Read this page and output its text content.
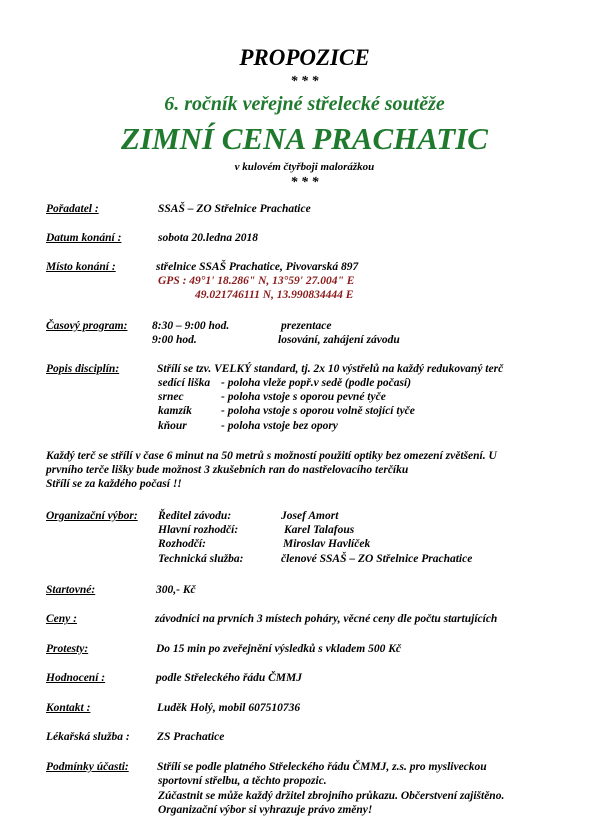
PROPOZICE
* * *
6. ročník veřejné střelecké soutěže
ZIMNÍ CENA PRACHATIC
v kulovém čtyřboji malorážkou
* * *
Pořadatel :	SSAŠ – ZO Střelnice Prachatice
Datum konání :	sobota 20.ledna 2018
Místo konání :	střelnice SSAŠ Prachatice, Pivovarská 897
GPS : 49°1' 18.286" N, 13°59' 27.004" E
49.021746111 N, 13.990834444 E
Časový program: 8:30 – 9:00 hod.	prezentace
9:00 hod.	losování, zahájení závodu
Popis disciplín:	Střílí se tzv. VELKÝ standard, tj. 2x 10 výstřelů na každý redukovaný terč
sedící liška - poloha vleže popř.v sedě (podle počasí)
srnec	- poloha vstoje s oporou pevné tyče
kamzík	- poloha vstoje s oporou volně stojící tyče
kňour	- poloha vstoje bez opory
Každý terč se střílí v čase 6 minut na 50 metrů s možností použití optiky bez omezení zvětšení. U
prvního terče lišky bude možnost 3 zkušebních ran do nastřelovacího terčíku
Střílí se za každého počasí !!
Organizační výbor: Ředitel závodu:	Josef Amort
Hlavní rozhodčí:	Karel Talafous
Rozhodčí:	Miroslav Havlíček
Technická služba:	členové SSAŠ – ZO Střelnice Prachatice
Startovné:	300,- Kč
Ceny :	závodníci na prvních 3 místech poháry, věcné ceny dle počtu startujících
Protesty:	Do 15 min po zveřejnění výsledků s vkladem 500 Kč
Hodnocení :	podle Střeleckého řádu ČMMJ
Kontakt :	Luděk Holý, mobil 607510736
Lékařská služba : ZS Prachatice
Podmínky účasti: Střílí se podle platného Střeleckého řádu ČMMJ, z.s. pro mysliveckou
sportovní střelbu, a těchto propozic.
Zúčastnit se může každý držitel zbrojního průkazu. Občerstvení zajištěno.
Organizační výbor si vyhrazuje právo změny!
